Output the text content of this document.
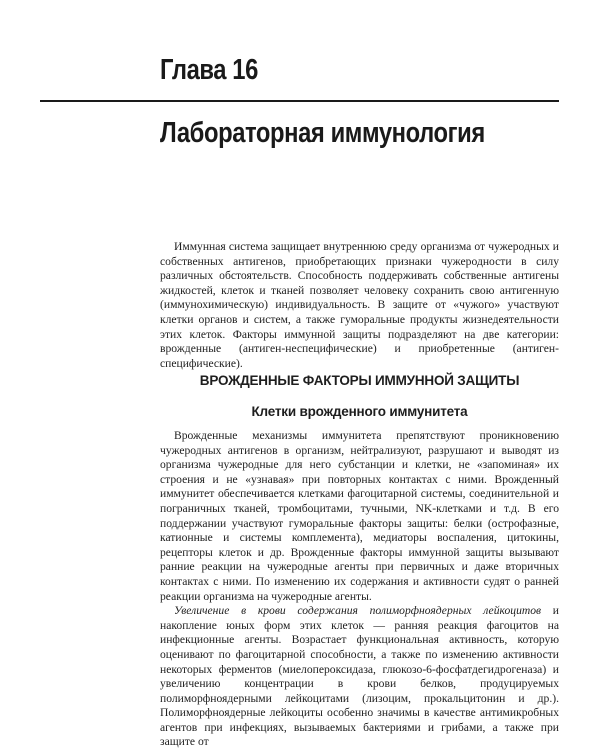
Глава 16
Лабораторная иммунология

Иммунная система защищает внутреннюю среду организма от чужеродных и собственных антигенов, приобретающих признаки чужеродности в силу различных обстоятельств. Способность поддерживать собственные антигены жидкостей, клеток и тканей позволяет человеку сохранить свою антигенную (иммунохимическую) индивидуальность. В защите от «чужого» участвуют клетки органов и систем, а также гуморальные продукты жизнедеятельности этих клеток. Факторы иммунной защиты подразделяют на две категории: врожденные (антиген-неспецифические) и приобретенные (антиген-специфические).

ВРОЖДЕННЫЕ ФАКТОРЫ ИММУННОЙ ЗАЩИТЫ
Клетки врожденного иммунитета

Врожденные механизмы иммунитета препятствуют проникновению чужеродных антигенов в организм, нейтрализуют, разрушают и выводят из организма чужеродные для него субстанции и клетки, не «запоминая» их строения и не «узнавая» при повторных контактах с ними. Врожденный иммунитет обеспечивается клетками фагоцитарной системы, соединительной и пограничных тканей, тромбоцитами, тучными, NK-клетками и т.д. В его поддержании участвуют гуморальные факторы защиты: белки (острофазные, катионные и системы комплемента), медиаторы воспаления, цитокины, рецепторы клеток и др. Врожденные факторы иммунной защиты вызывают ранние реакции на чужеродные агенты при первичных и даже вторичных контактах с ними. По изменению их содержания и активности судят о ранней реакции организма на чужеродные агенты.

Увеличение в крови содержания полиморфноядерных лейкоцитов и накопление юных форм этих клеток — ранняя реакция фагоцитов на инфекционные агенты. Возрастает функциональная активность, которую оценивают по фагоцитарной способности, а также по изменению активности некоторых ферментов (миелопероксидаза, глюкозо-6-фосфатдегидрогеназа) и увеличению концентрации в крови белков, продуцируемых полиморфноядерными лейкоцитами (лизоцим, прокальцитонин и др.). Полиморфноядерные лейкоциты особенно значимы в качестве антимикробных агентов при инфекциях, вызываемых бактериями и грибами, а также при защите от
